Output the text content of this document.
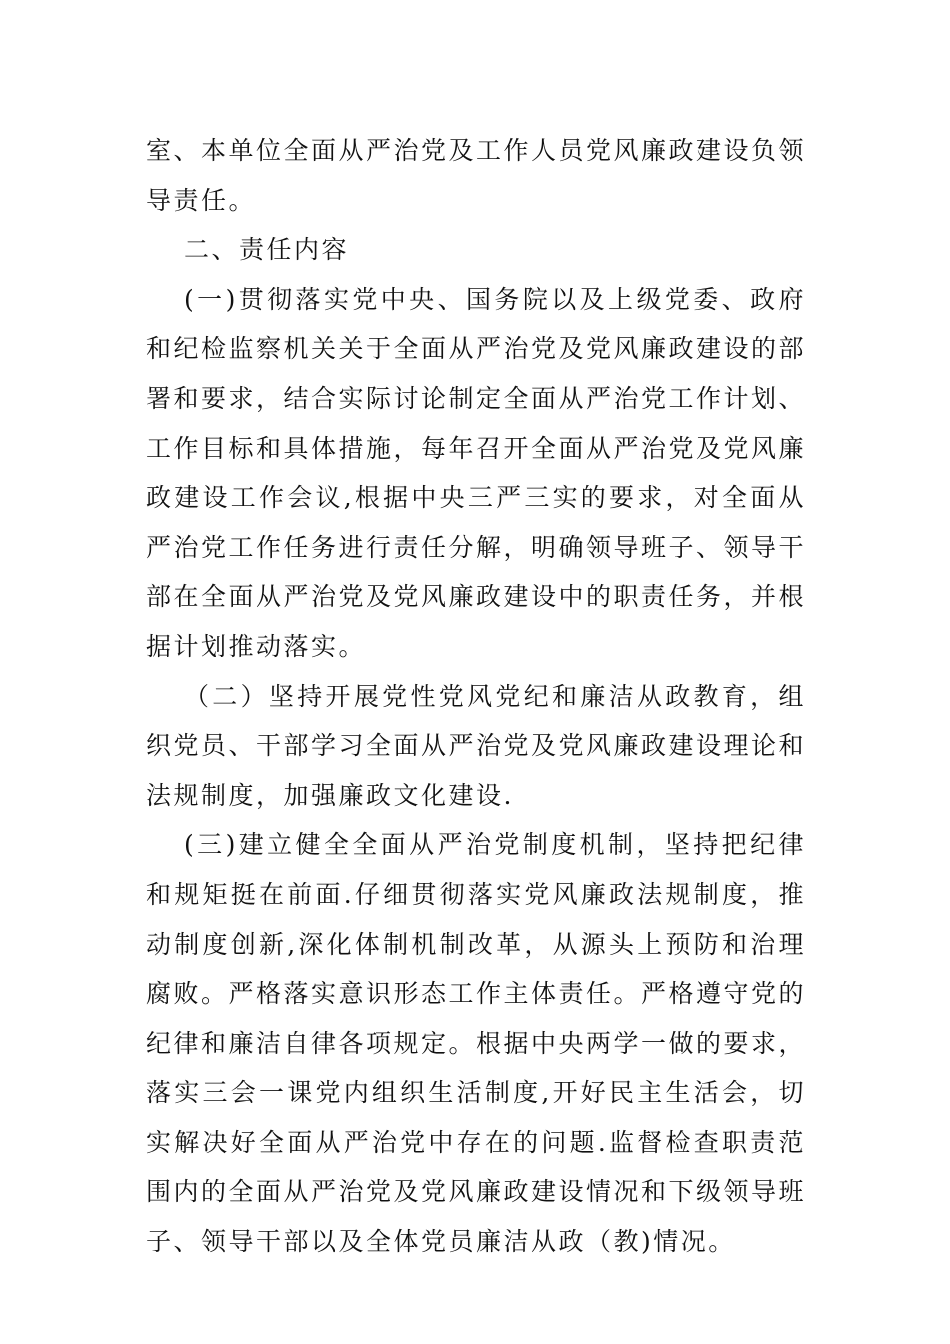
室、本单位全面从严治党及工作人员党风廉政建设负领导责任。

二、责任内容

(一)贯彻落实党中央、国务院以及上级党委、政府和纪检监察机关关于全面从严治党及党风廉政建设的部署和要求，结合实际讨论制定全面从严治党工作计划、工作目标和具体措施，每年召开全面从严治党及党风廉政建设工作会议,根据中央三严三实的要求，对全面从严治党工作任务进行责任分解，明确领导班子、领导干部在全面从严治党及党风廉政建设中的职责任务，并根据计划推动落实。

（二）坚持开展党性党风党纪和廉洁从政教育，组织党员、干部学习全面从严治党及党风廉政建设理论和法规制度，加强廉政文化建设.

(三)建立健全全面从严治党制度机制，坚持把纪律和规矩挺在前面.仔细贯彻落实党风廉政法规制度，推动制度创新,深化体制机制改革，从源头上预防和治理腐败。严格落实意识形态工作主体责任。严格遵守党的纪律和廉洁自律各项规定。根据中央两学一做的要求，落实三会一课党内组织生活制度,开好民主生活会，切实解决好全面从严治党中存在的问题.监督检查职责范围内的全面从严治党及党风廉政建设情况和下级领导班子、领导干部以及全体党员廉洁从政（教)情况。
